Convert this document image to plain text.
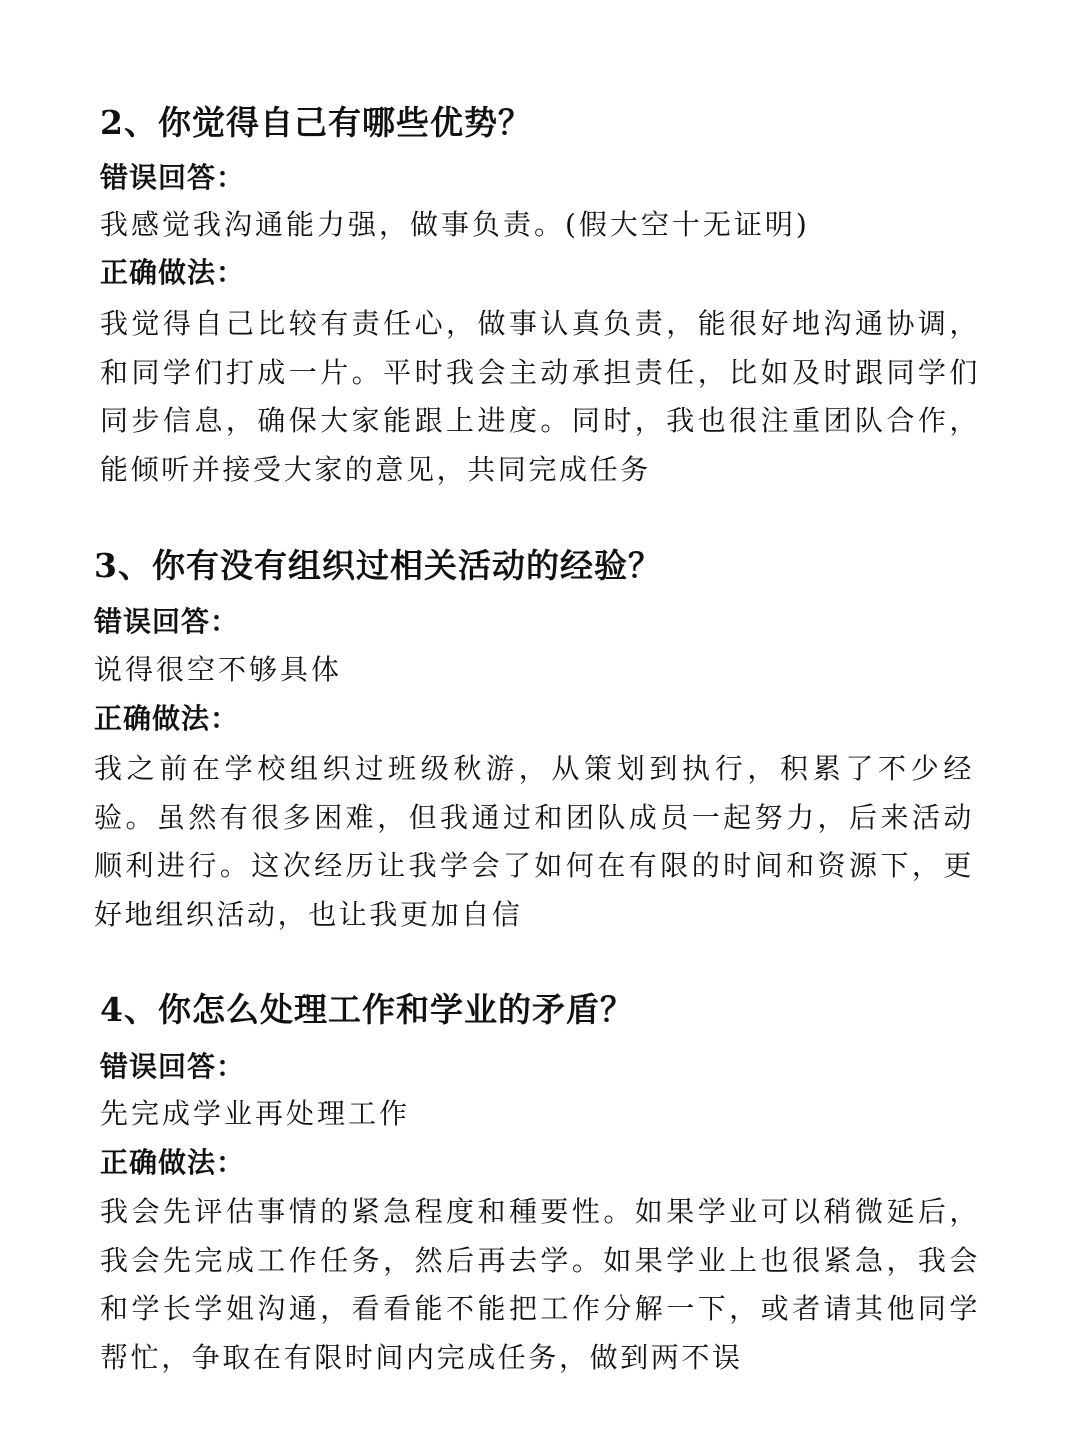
2、你觉得自己有哪些优势？
错误回答：
我感觉我沟通能力强，做事负责。(假大空十无证明)
正确做法：
我觉得自己比较有责任心，做事认真负责，能很好地沟通协调，和同学们打成一片。平时我会主动承担责任，比如及时跟同学们同步信息，确保大家能跟上进度。同时，我也很注重团队合作，能倾听并接受大家的意见，共同完成任务
3、你有没有组织过相关活动的经验？
错误回答：
说得很空不够具体
正确做法：
我之前在学校组织过班级秋游，从策划到执行，积累了不少经验。虽然有很多困难，但我通过和团队成员一起努力，后来活动顺利进行。这次经历让我学会了如何在有限的时间和资源下，更好地组织活动，也让我更加自信
4、你怎么处理工作和学业的矛盾？
错误回答：
先完成学业再处理工作
正确做法：
我会先评估事情的紧急程度和種要性。如果学业可以稍微延后，我会先完成工作任务，然后再去学。如果学业上也很紧急，我会和学长学姐沟通，看看能不能把工作分解一下，或者请其他同学帮忙，争取在有限时间内完成任务，做到两不误
